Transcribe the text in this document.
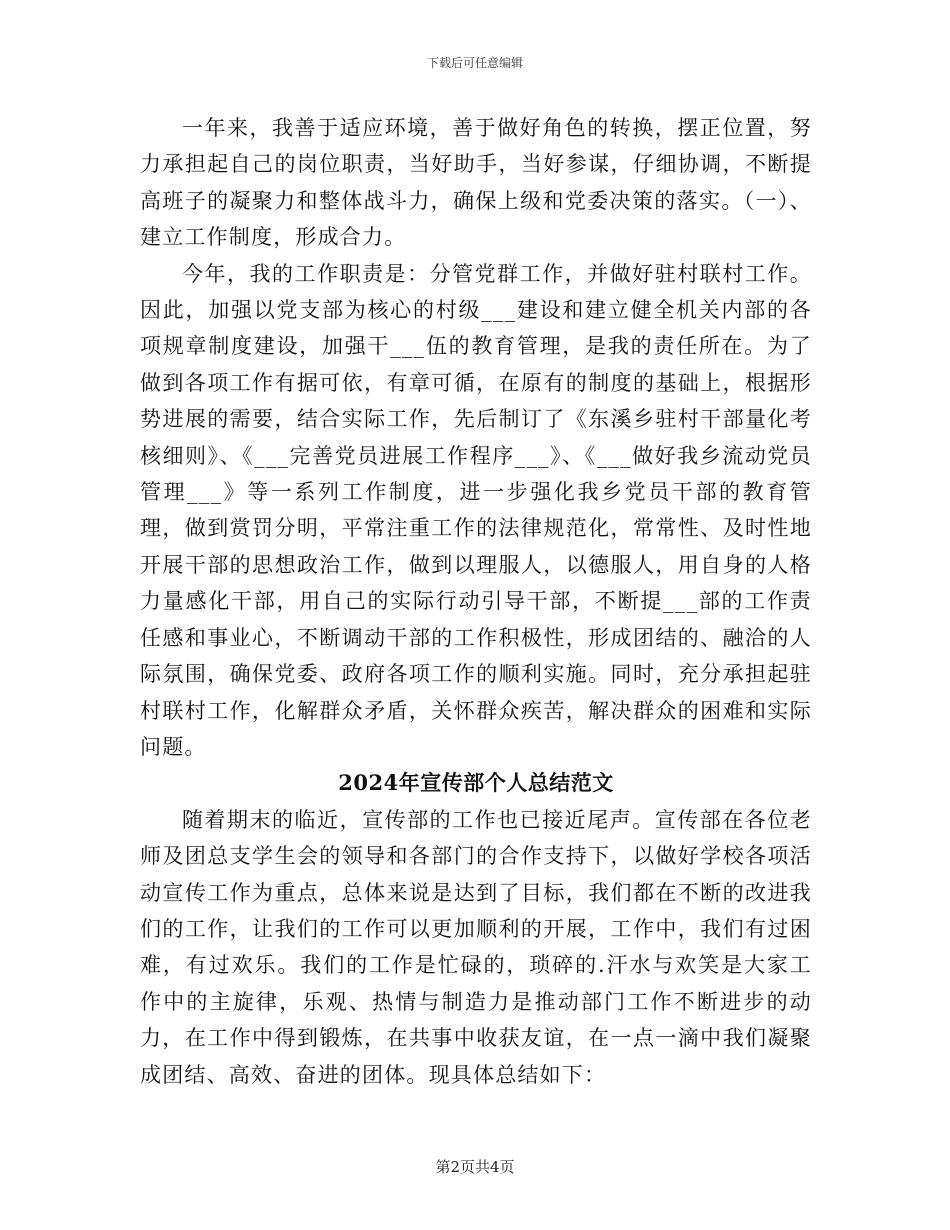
下载后可任意编辑

一年来，我善于适应环境，善于做好角色的转换，摆正位置，努力承担起自己的岗位职责，当好助手，当好参谋，仔细协调，不断提高班子的凝聚力和整体战斗力，确保上级和党委决策的落实。（一）、建立工作制度，形成合力。

今年，我的工作职责是：分管党群工作，并做好驻村联村工作。因此，加强以党支部为核心的村级___建设和建立健全机关内部的各项规章制度建设，加强干___伍的教育管理，是我的责任所在。为了做到各项工作有据可依，有章可循，在原有的制度的基础上，根据形势进展的需要，结合实际工作，先后制订了《东溪乡驻村干部量化考核细则》、《___完善党员进展工作程序___》、《___做好我乡流动党员管理___》等一系列工作制度，进一步强化我乡党员干部的教育管理，做到赏罚分明，平常注重工作的法律规范化，常常性、及时性地开展干部的思想政治工作，做到以理服人，以德服人，用自身的人格力量感化干部，用自己的实际行动引导干部，不断提___部的工作责任感和事业心，不断调动干部的工作积极性，形成团结的、融洽的人际氛围，确保党委、政府各项工作的顺利实施。同时，充分承担起驻村联村工作，化解群众矛盾，关怀群众疾苦，解决群众的困难和实际问题。

2024年宣传部个人总结范文

随着期末的临近，宣传部的工作也已接近尾声。宣传部在各位老师及团总支学生会的领导和各部门的合作支持下，以做好学校各项活动宣传工作为重点，总体来说是达到了目标，我们都在不断的改进我们的工作，让我们的工作可以更加顺利的开展，工作中，我们有过困难，有过欢乐。我们的工作是忙碌的，琐碎的.汗水与欢笑是大家工作中的主旋律，乐观、热情与制造力是推动部门工作不断进步的动力，在工作中得到锻炼，在共事中收获友谊，在一点一滴中我们凝聚成团结、高效、奋进的团体。现具体总结如下：

第2页共4页
